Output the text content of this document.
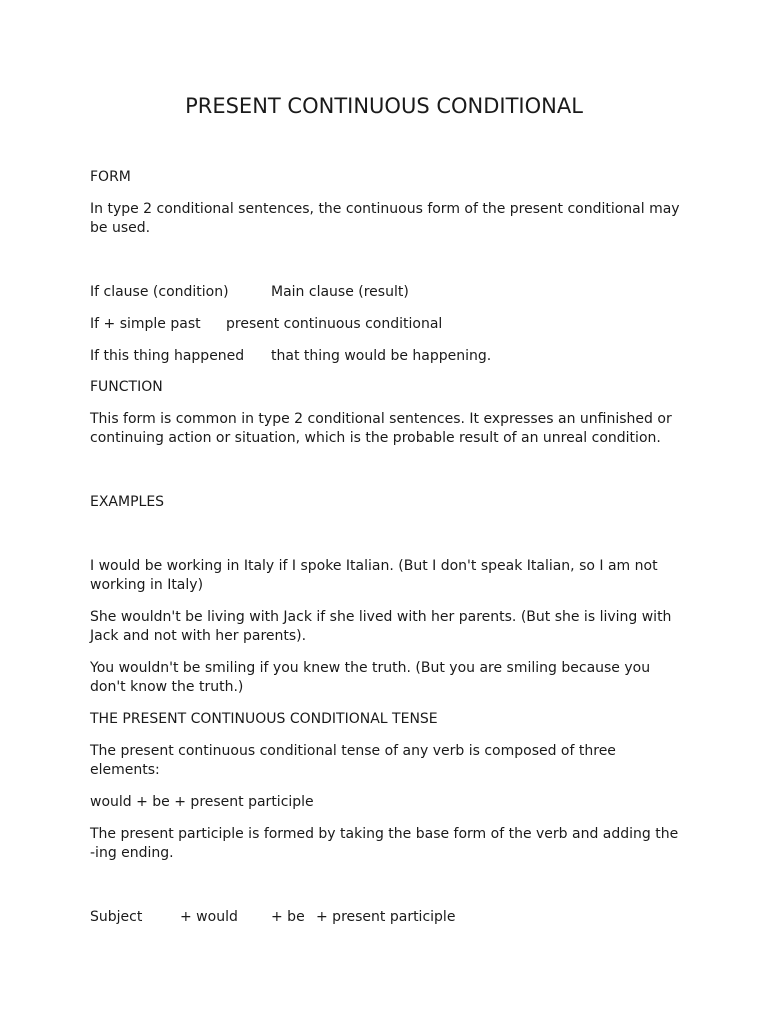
PRESENT CONTINUOUS CONDITIONAL

FORM

In type 2 conditional sentences, the continuous form of the present conditional may be used.

If clause (condition)	Main clause (result)
If + simple past present continuous conditional
If this thing happened that thing would be happening.

FUNCTION

This form is common in type 2 conditional sentences. It expresses an unfinished or continuing action or situation, which is the probable result of an unreal condition.

EXAMPLES

I would be working in Italy if I spoke Italian. (But I don't speak Italian, so I am not working in Italy)

She wouldn't be living with Jack if she lived with her parents. (But she is living with Jack and not with her parents).

You wouldn't be smiling if you knew the truth. (But you are smiling because you don't know the truth.)

THE PRESENT CONTINUOUS CONDITIONAL TENSE

The present continuous conditional tense of any verb is composed of three elements:

would + be + present participle

The present participle is formed by taking the base form of the verb and adding the -ing ending.

Subject	+ would + be + present participle
